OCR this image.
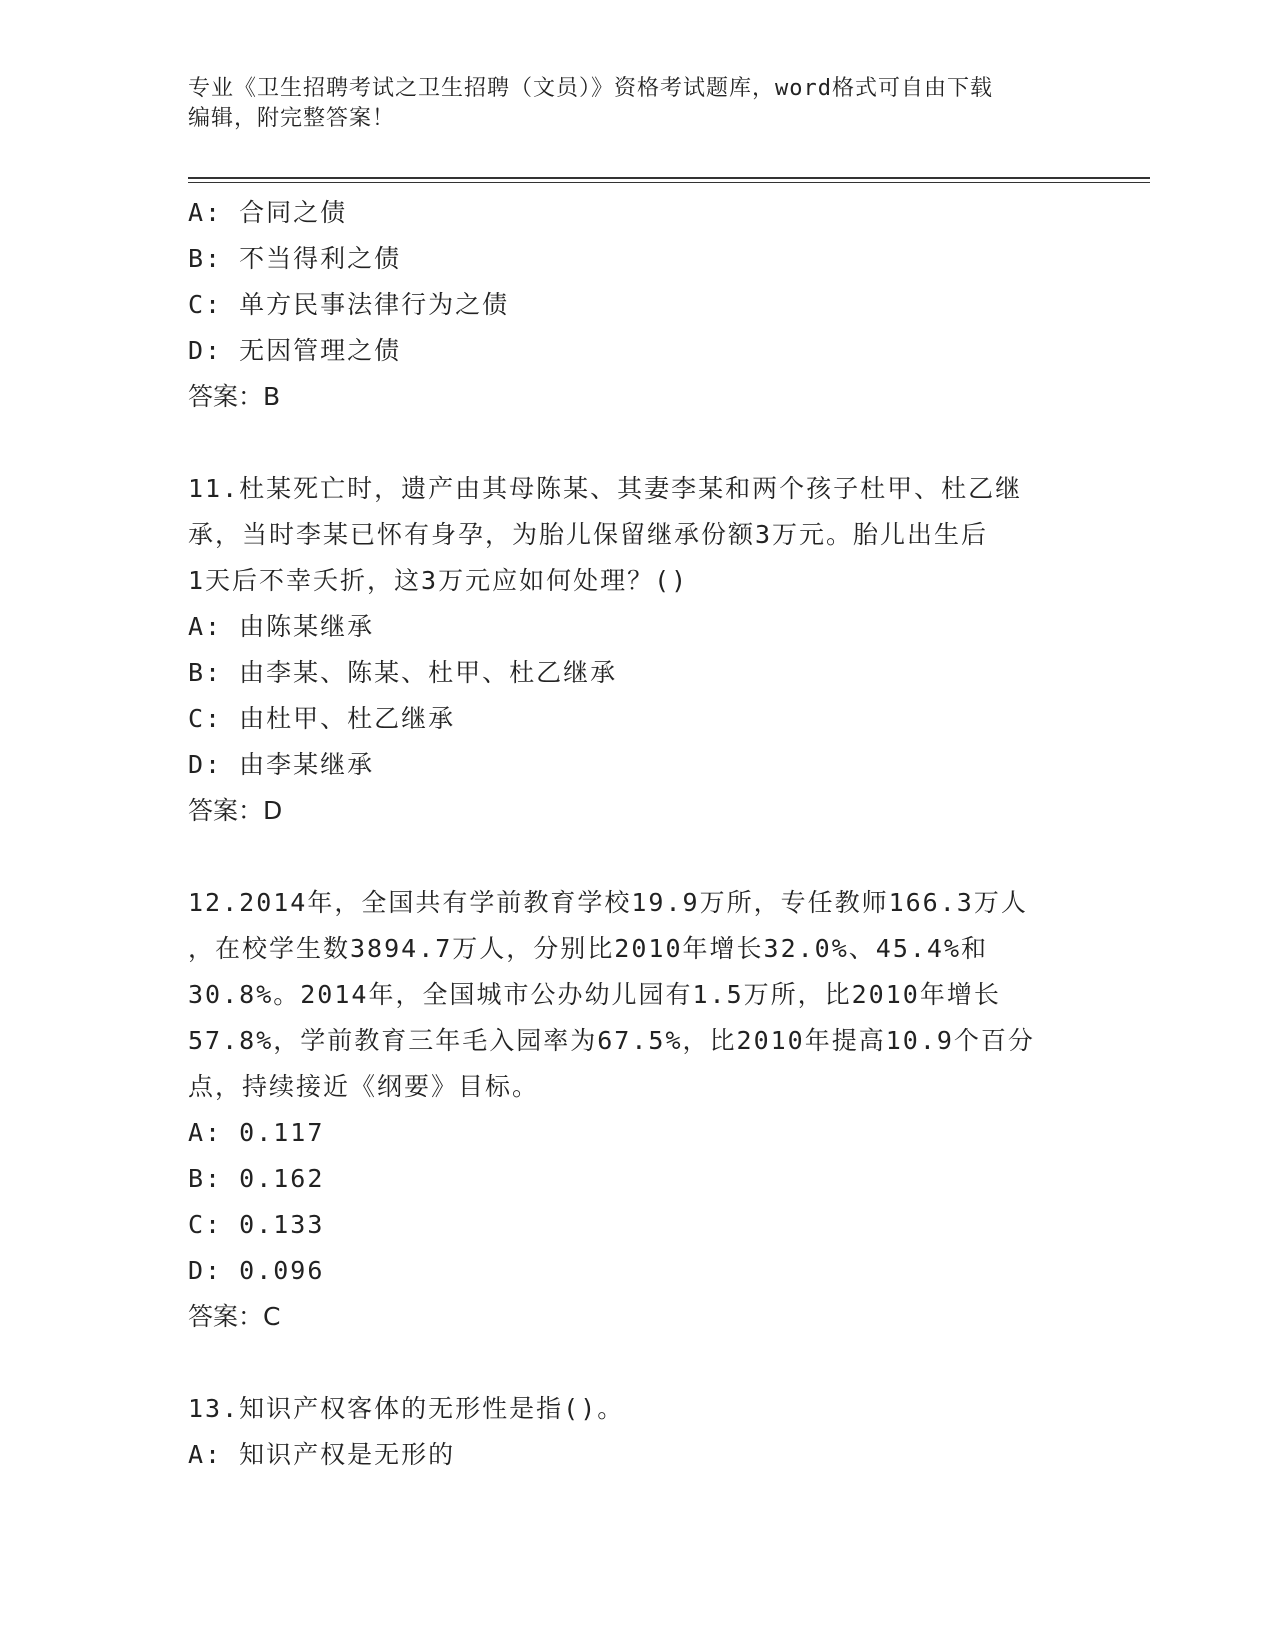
专业《卫生招聘考试之卫生招聘（文员）》资格考试题库，word格式可自由下载
编辑，附完整答案！
A: 合同之债
B: 不当得利之债
C: 单方民事法律行为之债
D: 无因管理之债
答案：B
11.杜某死亡时，遗产由其母陈某、其妻李某和两个孩子杜甲、杜乙继
承，当时李某已怀有身孕，为胎儿保留继承份额3万元。胎儿出生后
1天后不幸夭折，这3万元应如何处理？()
A: 由陈某继承
B: 由李某、陈某、杜甲、杜乙继承
C: 由杜甲、杜乙继承
D: 由李某继承
答案：D
12.2014年，全国共有学前教育学校19.9万所，专任教师166.3万人
，在校学生数3894.7万人，分别比2010年增长32.0%、45.4%和
30.8%。2014年，全国城市公办幼儿园有1.5万所，比2010年增长
57.8%，学前教育三年毛入园率为67.5%，比2010年提高10.9个百分
点，持续接近《纲要》目标。
A: 0.117
B: 0.162
C: 0.133
D: 0.096
答案：C
13.知识产权客体的无形性是指()。
A: 知识产权是无形的
